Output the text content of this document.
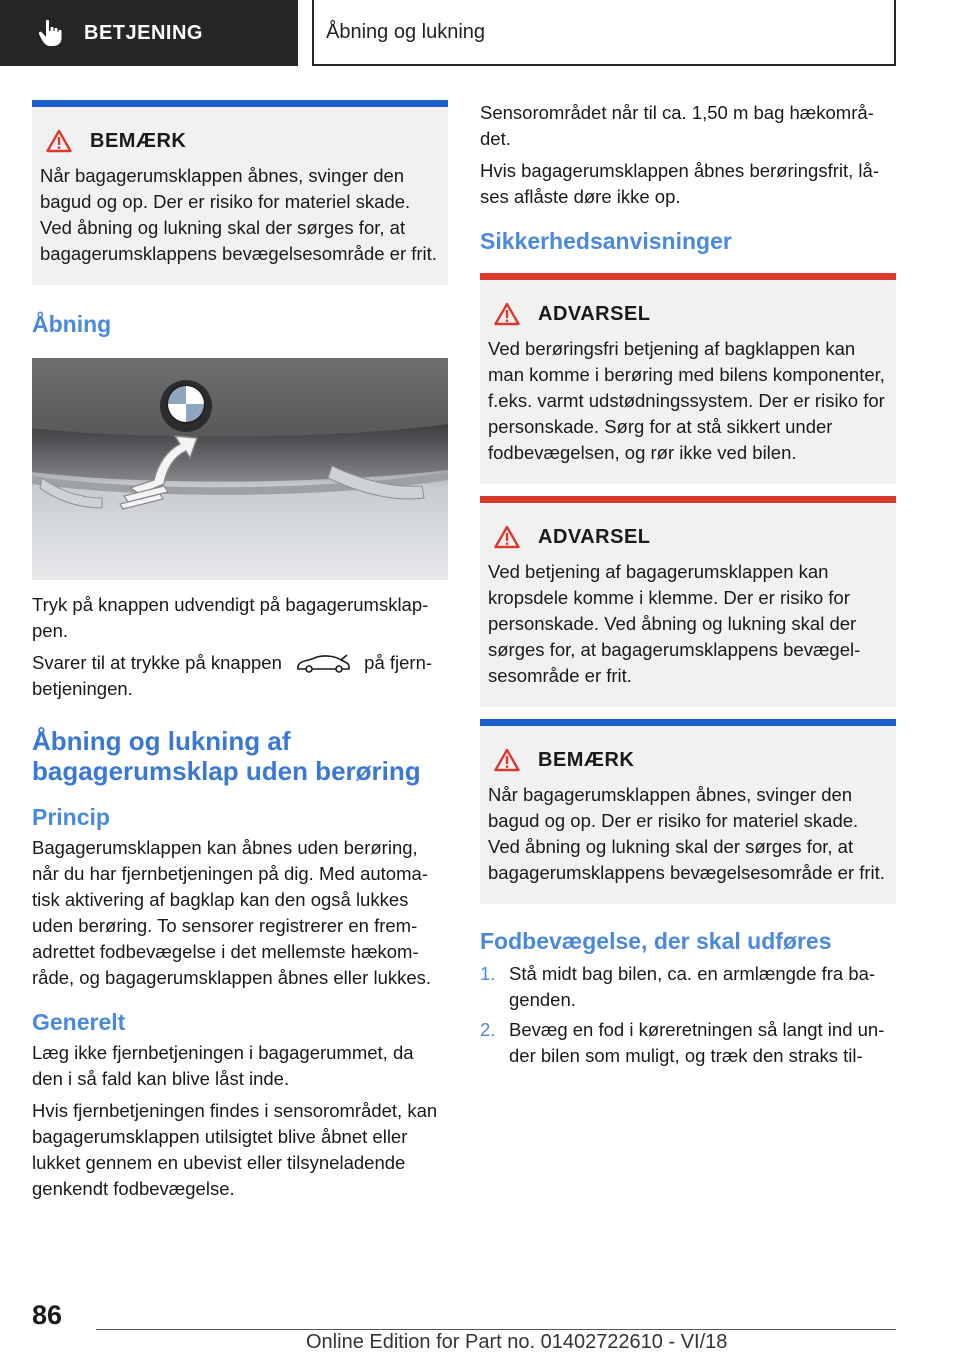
BETJENING	Åbning og lukning
BEMÆRK

Når bagagerumsklappen åbnes, svinger den bagud og op. Der er risiko for materiel skade. Ved åbning og lukning skal der sørges for, at bagagerumsklappens bevægelsesområde er frit.

Åbning

Tryk på knappen udvendigt på bagagerumsklappen.

Svarer til at trykke på knappen	på fjernbetjeningen.

Åbning og lukning af bagagerumsklap uden berøring
Princip

Bagagerumsklappen kan åbnes uden berøring, når du har fjernbetjeningen på dig. Med automatisk aktivering af bagklap kan den også lukkes uden berøring. To sensorer registrerer en fremadrettet fodbevægelse i det mellemste hækområde, og bagagerumsklappen åbnes eller lukkes.

Generelt

Læg ikke fjernbetjeningen i bagagerummet, da den i så fald kan blive låst inde.

Hvis fjernbetjeningen findes i sensorområdet, kan bagagerumsklappen utilsigtet blive åbnet eller lukket gennem en ubevist eller tilsyneladende genkendt fodbevægelse.

Sensorområdet når til ca. 1,50 m bag hækområdet.

Hvis bagagerumsklappen åbnes berøringsfrit, låses aflåste døre ikke op.

Sikkerhedsanvisninger
ADVARSEL

Ved berøringsfri betjening af bagklappen kan man komme i berøring med bilens komponenter, f.eks. varmt udstødningssystem. Der er risiko for personskade. Sørg for at stå sikkert under fodbevægelsen, og rør ikke ved bilen.

ADVARSEL

Ved betjening af bagagerumsklappen kan kropsdele komme i klemme. Der er risiko for personskade. Ved åbning og lukning skal der sørges for, at bagagerumsklappens bevægelsesområde er frit.

BEMÆRK

Når bagagerumsklappen åbnes, svinger den bagud og op. Der er risiko for materiel skade. Ved åbning og lukning skal der sørges for, at bagagerumsklappens bevægelsesområde er frit.

Fodbevægelse, der skal udføres
1. Stå midt bag bilen, ca. en armlængde fra bagenden.
2. Bevæg en fod i køreretningen så langt ind under bilen som muligt, og træk den straks til-
86
Online Edition for Part no. 01402722610 - VI/18
